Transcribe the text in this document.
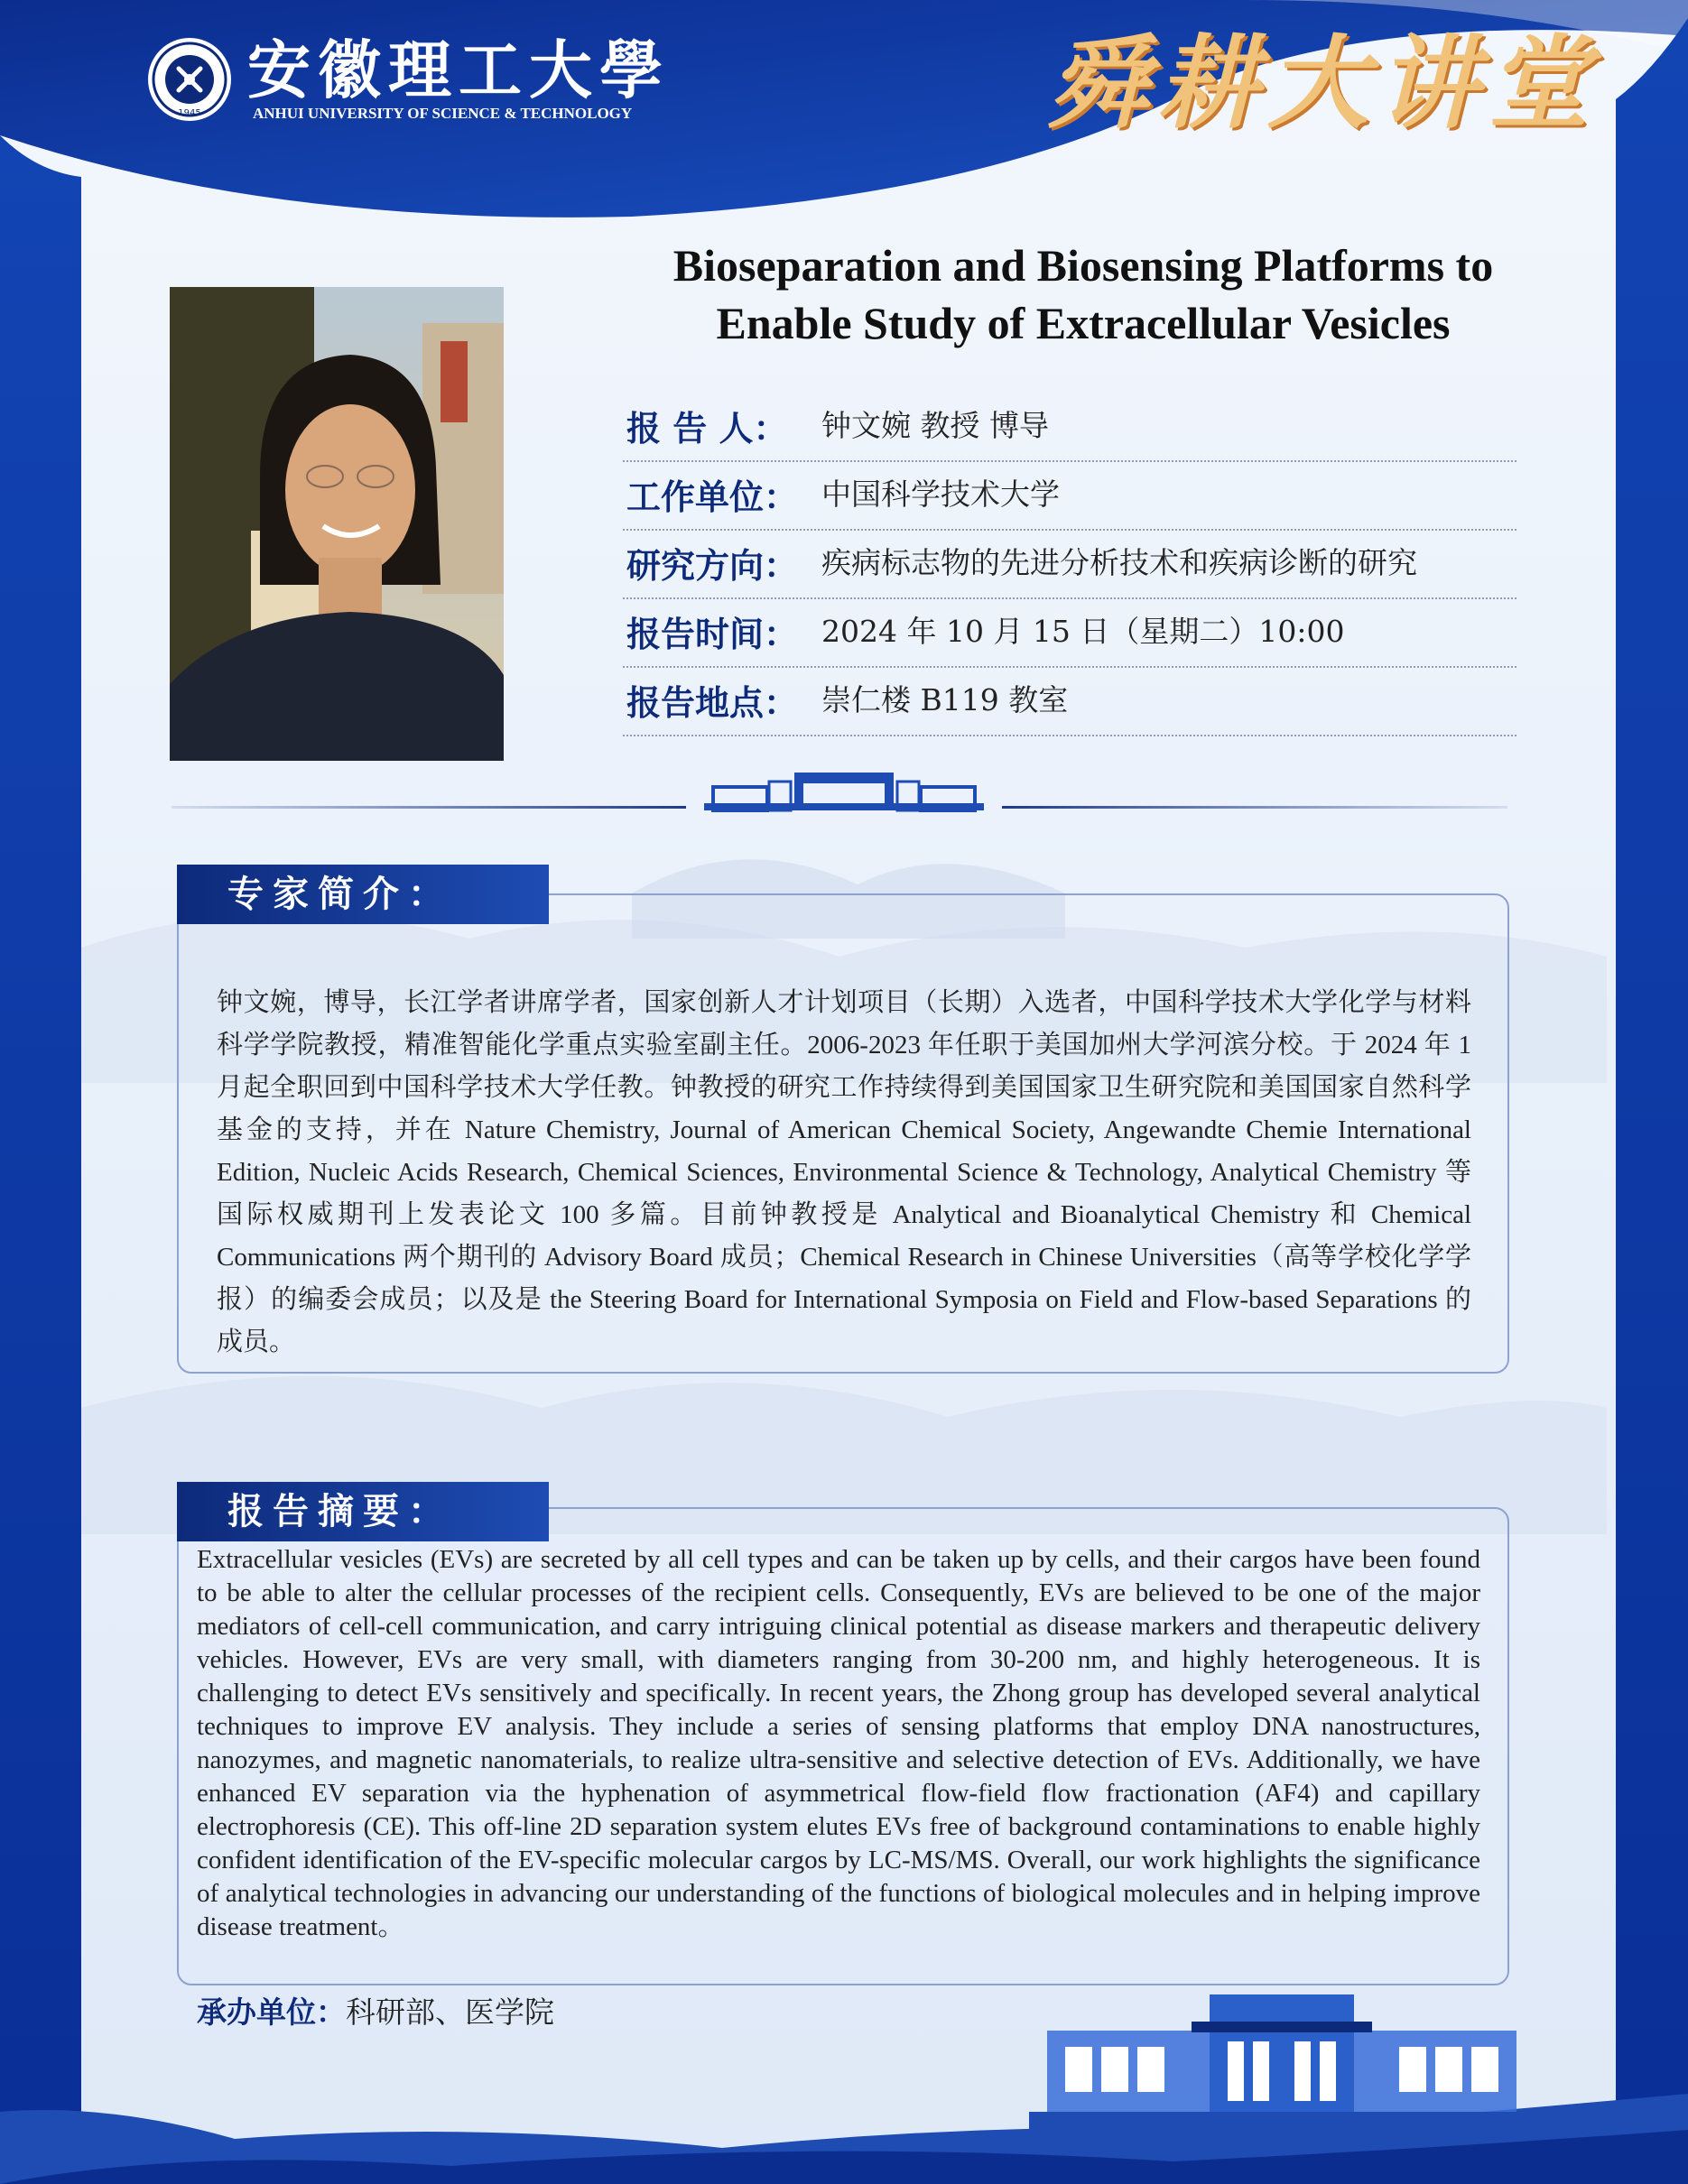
1945
安徽理工大學
ANHUI UNIVERSITY OF SCIENCE & TECHNOLOGY	舜耕大讲堂
Bioseparation and Biosensing Platforms to
Enable Study of Extracellular Vesicles
报 告 人： 钟文婉 教授 博导
工作单位： 中国科学技术大学
研究方向： 疾病标志物的先进分析技术和疾病诊断的研究
报告时间： 2024 年 10 月 15 日（星期二）10:00
报告地点： 崇仁楼 B119 教室
专家简介：
钟文婉，博导，长江学者讲席学者，国家创新人才计划项目（长期）入选者，中国科学技术大学化学与材料科学学院教授，精准智能化学重点实验室副主任。2006-2023 年任职于美国加州大学河滨分校。于 2024 年 1 月起全职回到中国科学技术大学任教。钟教授的研究工作持续得到美国国家卫生研究院和美国国家自然科学基金的支持，并在 Nature Chemistry, Journal of American Chemical Society, Angewandte Chemie International Edition, Nucleic Acids Research, Chemical Sciences, Environmental Science & Technology, Analytical Chemistry 等国际权威期刊上发表论文 100 多篇。目前钟教授是 Analytical and Bioanalytical Chemistry 和 Chemical Communications 两个期刊的 Advisory Board 成员；Chemical Research in Chinese Universities（高等学校化学学报）的编委会成员；以及是 the Steering Board for International Symposia on Field and Flow-based Separations 的成员。
报告摘要：
Extracellular vesicles (EVs) are secreted by all cell types and can be taken up by cells, and their cargos have been found to be able to alter the cellular processes of the recipient cells. Consequently, EVs are believed to be one of the major mediators of cell-cell communication, and carry intriguing clinical potential as disease markers and therapeutic delivery vehicles. However, EVs are very small, with diameters ranging from 30-200 nm, and highly heterogeneous. It is challenging to detect EVs sensitively and specifically. In recent years, the Zhong group has developed several analytical techniques to improve EV analysis. They include a series of sensing platforms that employ DNA nanostructures, nanozymes, and magnetic nanomaterials, to realize ultra-sensitive and selective detection of EVs. Additionally, we have enhanced EV separation via the hyphenation of asymmetrical flow-field flow fractionation (AF4) and capillary electrophoresis (CE). This off-line 2D separation system elutes EVs free of background contaminations to enable highly confident identification of the EV-specific molecular cargos by LC-MS/MS. Overall, our work highlights the significance of analytical technologies in advancing our understanding of the functions of biological molecules and in helping improve disease treatment。
承办单位：科研部、医学院
